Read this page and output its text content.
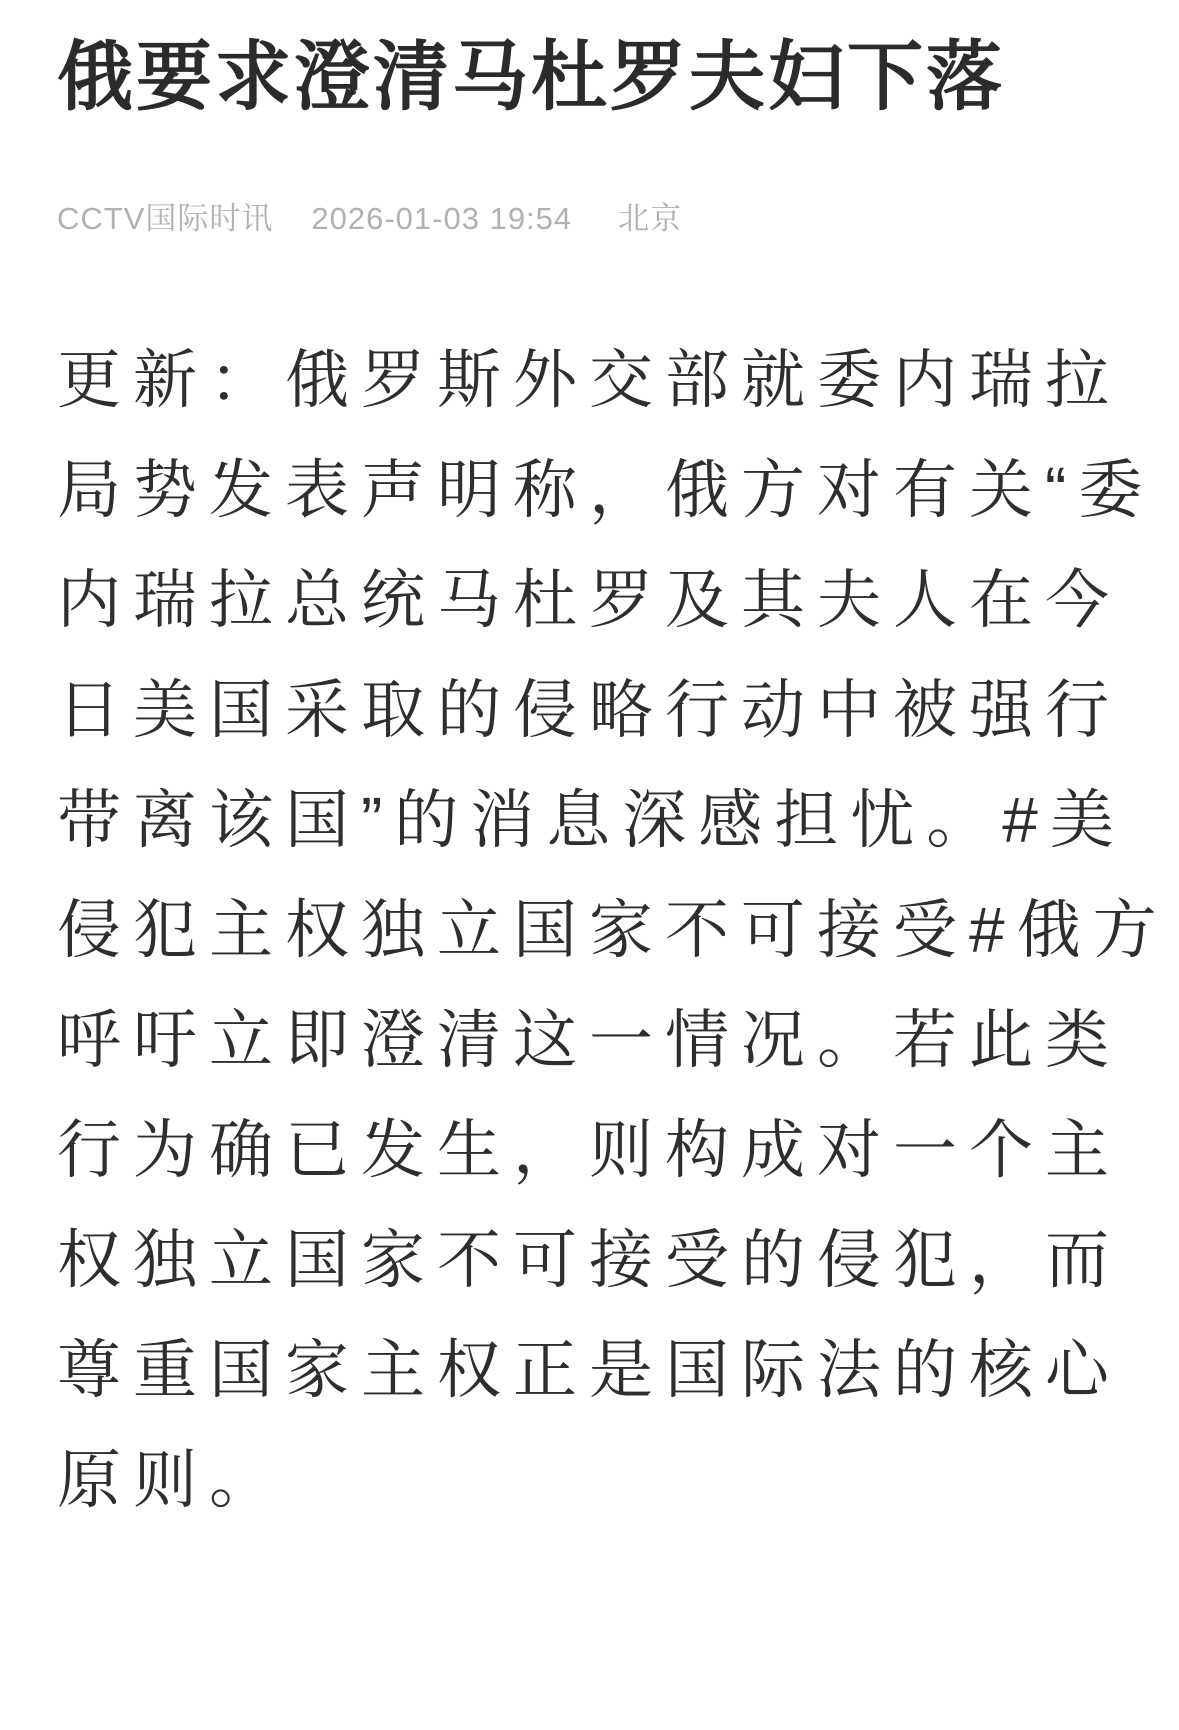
俄要求澄清马杜罗夫妇下落
CCTV国际时讯 2026-01-03 19:54 北京
更新：俄罗斯外交部就委内瑞拉
局势发表声明称，俄方对有关“委
内瑞拉总统马杜罗及其夫人在今
日美国采取的侵略行动中被强行
带离该国”的消息深感担忧。#美
侵犯主权独立国家不可接受#俄方
呼吁立即澄清这一情况。若此类
行为确已发生，则构成对一个主
权独立国家不可接受的侵犯，而
尊重国家主权正是国际法的核心
原则。
